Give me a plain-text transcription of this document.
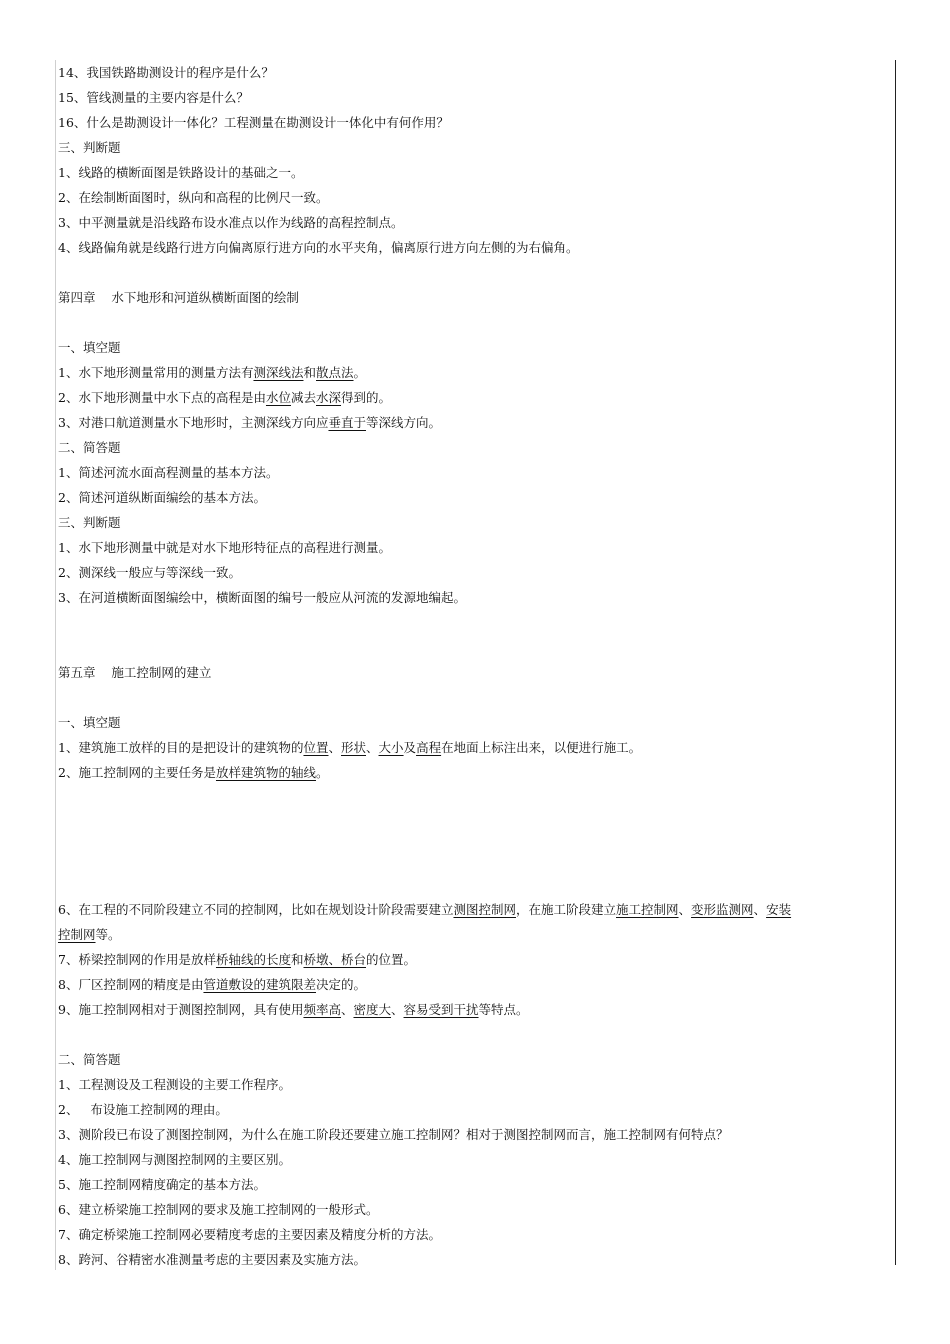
14、我国铁路勘测设计的程序是什么？
15、管线测量的主要内容是什么？
16、什么是勘测设计一体化？工程测量在勘测设计一体化中有何作用？
三、判断题
1、线路的横断面图是铁路设计的基础之一。
2、在绘制断面图时，纵向和高程的比例尺一致。
3、中平测量就是沿线路布设水准点以作为线路的高程控制点。
4、线路偏角就是线路行进方向偏离原行进方向的水平夹角，偏离原行进方向左侧的为右偏角。
第四章    水下地形和河道纵横断面图的绘制
一、填空题
1、水下地形测量常用的测量方法有测深线法和散点法。
2、水下地形测量中水下点的高程是由水位减去水深得到的。
3、对港口航道测量水下地形时，主测深线方向应垂直于等深线方向。
二、简答题
1、简述河流水面高程测量的基本方法。
2、简述河道纵断面编绘的基本方法。
三、判断题
1、水下地形测量中就是对水下地形特征点的高程进行测量。
2、测深线一般应与等深线一致。
3、在河道横断面图编绘中，横断面图的编号一般应从河流的发源地编起。
第五章    施工控制网的建立
一、填空题
1、建筑施工放样的目的是把设计的建筑物的位置、形状、大小及高程在地面上标注出来，以便进行施工。
2、施工控制网的主要任务是放样建筑物的轴线。

6、在工程的不同阶段建立不同的控制网，比如在规划设计阶段需要建立测图控制网，在施工阶段建立施工控制网、变形监测网、安装
控制网等。
7、桥梁控制网的作用是放样桥轴线的长度和桥墩、桥台的位置。
8、厂区控制网的精度是由管道敷设的建筑限差决定的。
9、施工控制网相对于测图控制网，具有使用频率高、密度大、容易受到干扰等特点。
二、简答题
1、工程测设及工程测设的主要工作程序。
2、   布设施工控制网的理由。
3、测阶段已布设了测图控制网，为什么在施工阶段还要建立施工控制网？相对于测图控制网而言，施工控制网有何特点？
4、施工控制网与测图控制网的主要区别。
5、施工控制网精度确定的基本方法。
6、建立桥梁施工控制网的要求及施工控制网的一般形式。
7、确定桥梁施工控制网必要精度考虑的主要因素及精度分析的方法。
8、跨河、谷精密水准测量考虑的主要因素及实施方法。
